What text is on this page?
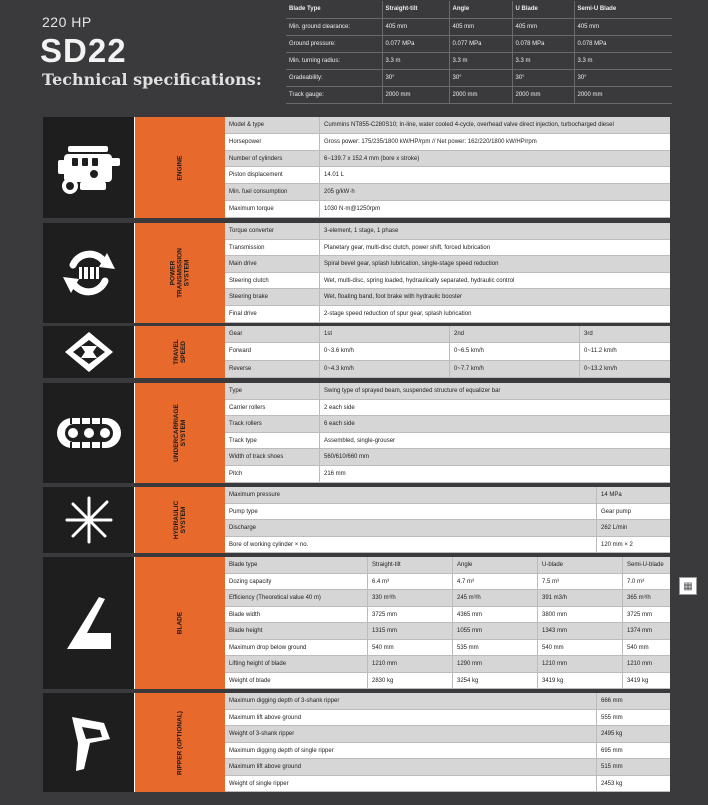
220 HP
SD22
Technical specifications:
Blade Type	Straight-tilt	Angle	U Blade	Semi-U Blade
Min. ground clearance:	405 mm	405 mm	405 mm	405 mm
Ground pressure:	0.077 MPa	0.077 MPa	0.078 MPa	0.078 MPa
Min. turning radius:	3.3 m	3.3 m	3.3 m	3.3 m
Gradeability:	30°	30°	30°	30°
Track gauge:	2000 mm	2000 mm	2000 mm	2000 mm
ENGINE
Model & type	Cummins NT855-C280S10; In-line, water cooled 4-cycle, overhead valve direct injection, turbocharged diesel
Horsepower	Gross power: 175/235/1800 kW/HP/rpm // Net power: 162/220/1800 kW/HP/rpm
Number of cylinders	6−139.7 x 152.4 mm (bore x stroke)
Piston displacement	14.01 L
Min. fuel consumption	205 g/kW·h
Maximum torque	1030 N·m@1250rpm
POWER TRANSMISSION SYSTEM
Torque converter	3-element, 1 stage, 1 phase
Transmission	Planetary gear, multi-disc clutch, power shift, forced lubrication
Main drive	Spiral bevel gear, splash lubrication, single-stage speed reduction
Steering clutch	Wet, multi-disc, spring loaded, hydraulically separated, hydraulic control
Steering brake	Wet, floating band, foot brake with hydraulic booster
Final drive	2-stage speed reduction of spur gear, splash lubrication
TRAVEL SPEED
Gear	1st	2nd	3rd
Forward	0~3.6 km/h	0~6.5 km/h	0~11.2 km/h
Reverse	0~4.3 km/h	0~7.7 km/h	0~13.2 km/h
UNDERCARRIAGE SYSTEM
Type	Swing type of sprayed beam, suspended structure of equalizer bar
Carrier rollers	2 each side
Track rollers	6 each side
Track type	Assembled, single-grouser
Width of track shoes	560/610/660 mm
Pitch	216 mm
HYDRAULIC SYSTEM
Maximum pressure	14 MPa
Pump type	Gear pump
Discharge	262 L/min
Bore of working cylinder × no.	120 mm × 2
BLADE
Blade type	Straight-tilt	Angle	U-blade	Semi-U-blade
Dozing capacity	6.4 m³	4.7 m³	7.5 m³	7.0 m³
Efficiency (Theoretical value 40 m)	330 m³/h	245 m³/h	391 m3/h	365 m³/h
Blade width	3725 mm	4365 mm	3800 mm	3725 mm
Blade height	1315 mm	1055 mm	1343 mm	1374 mm
Maximum drop below ground	540 mm	535 mm	540 mm	540 mm
Lifting height of blade	1210 mm	1290 mm	1210 mm	1210 mm
Weight of blade	2830 kg	3254 kg	3419 kg	3419 kg
RIPPER (OPTIONAL)
Maximum digging depth of 3-shank ripper	666 mm
Maximum lift above ground	555 mm
Weight of 3-shank ripper	2495 kg
Maximum digging depth of single ripper	695 mm
Maximum lift above ground	515 mm
Weight of single ripper	2453 kg
▦
